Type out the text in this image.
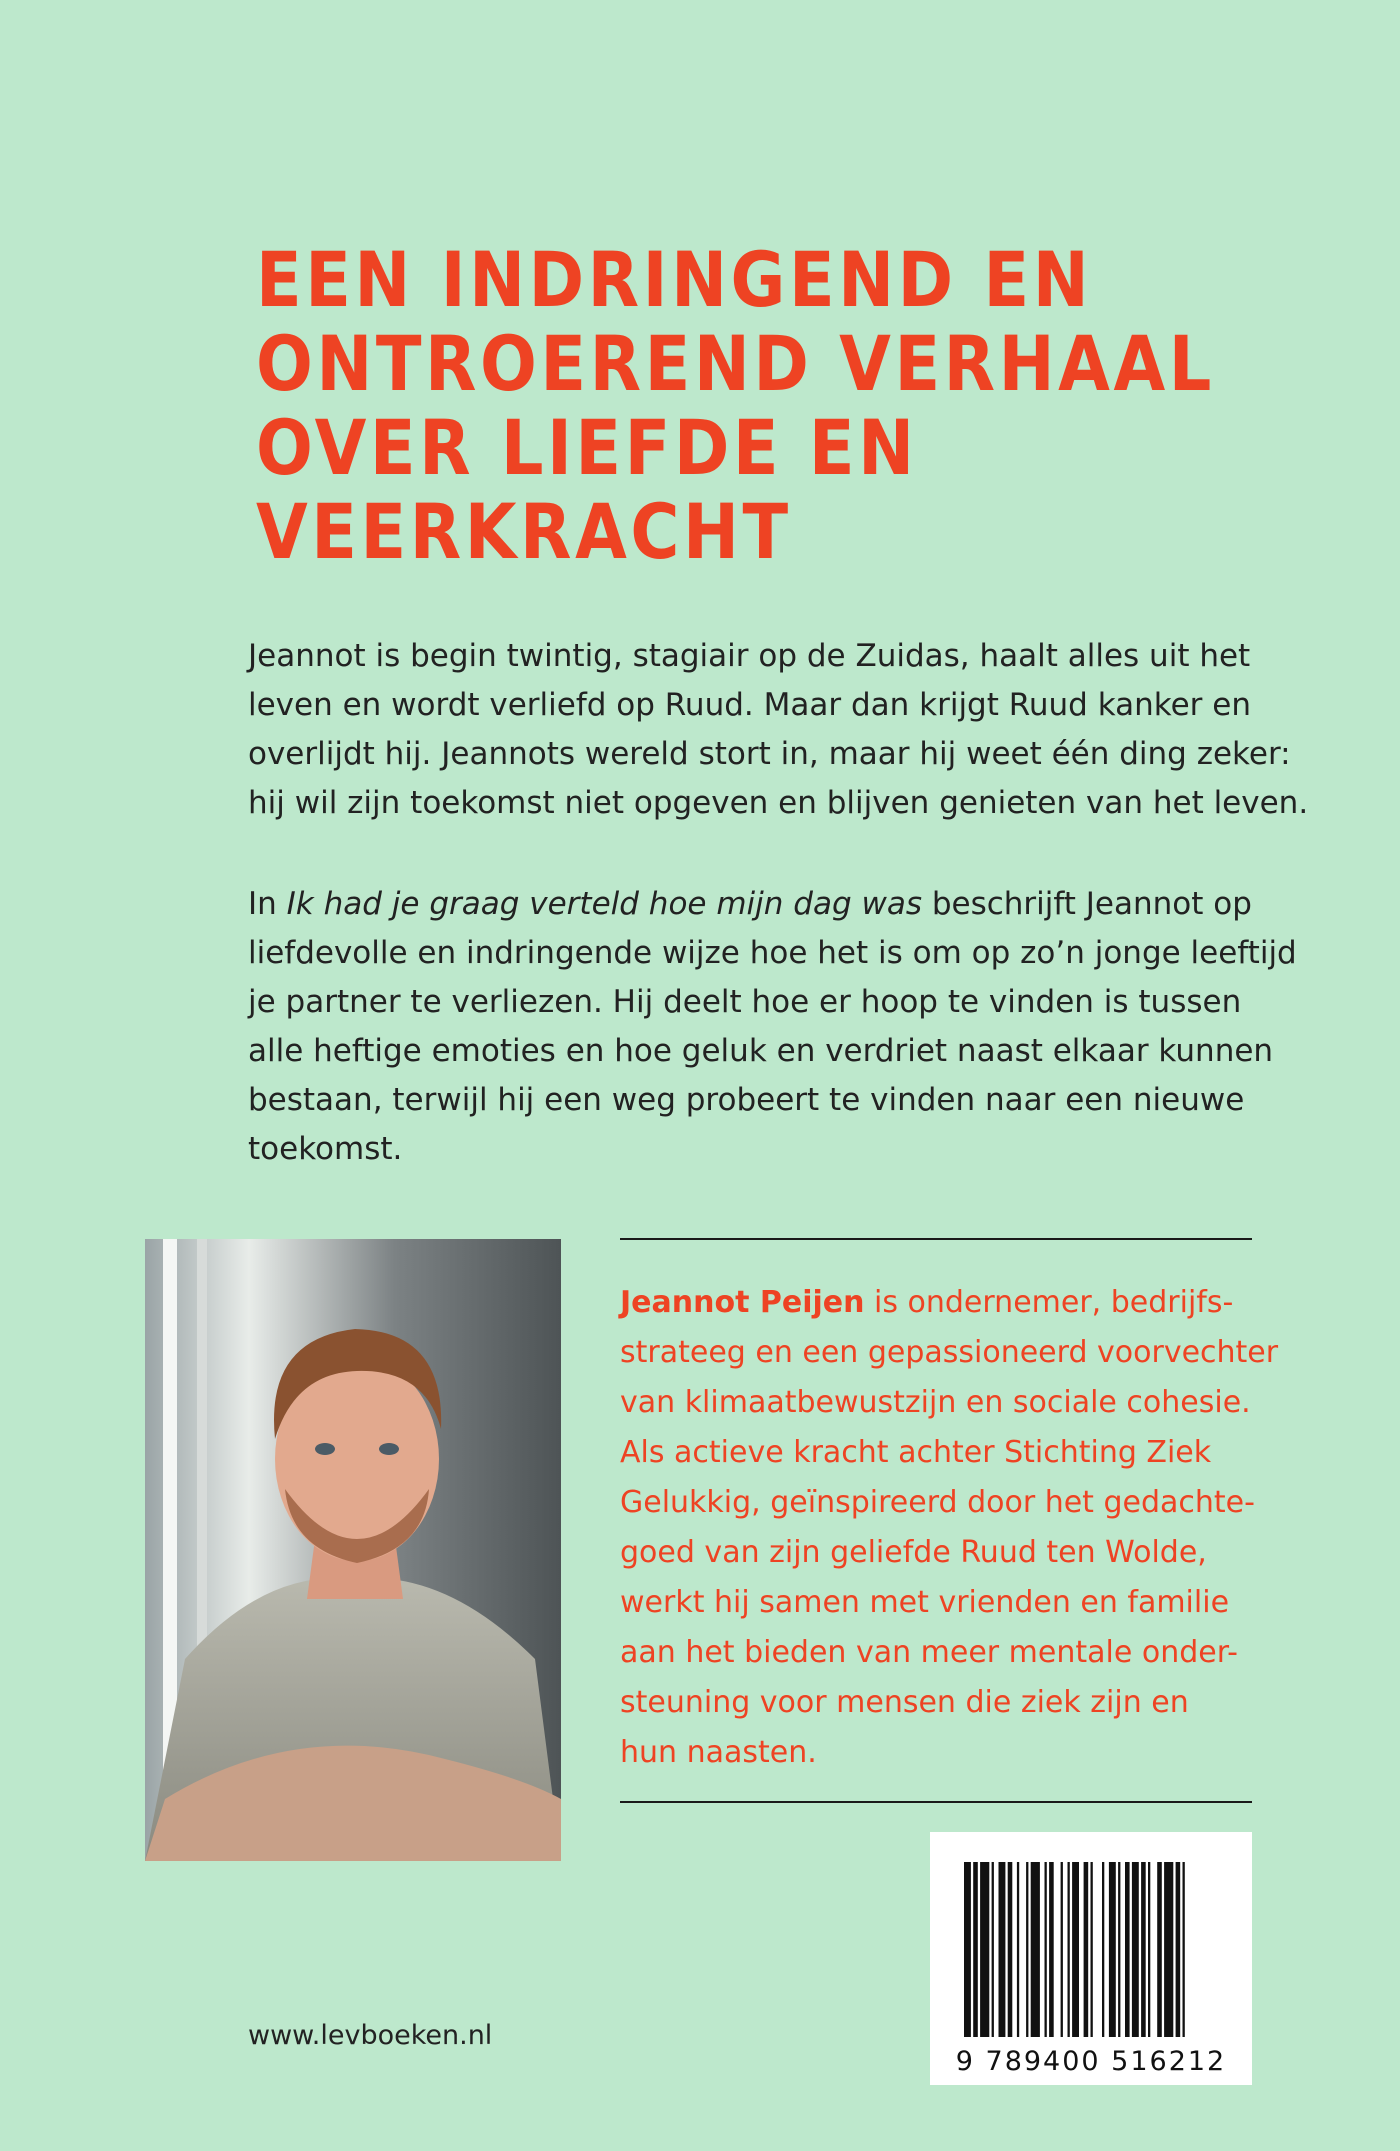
EEN INDRINGEND EN
ONTROEREND VERHAAL
OVER LIEFDE EN
VEERKRACHT
Jeannot is begin twintig, stagiair op de Zuidas, haalt alles uit het
leven en wordt verliefd op Ruud. Maar dan krijgt Ruud kanker en
overlijdt hij. Jeannots wereld stort in, maar hij weet één ding zeker:
hij wil zijn toekomst niet opgeven en blijven genieten van het leven.
In Ik had je graag verteld hoe mijn dag was beschrijft Jeannot op
liefdevolle en indringende wijze hoe het is om op zo’n jonge leeftijd
je partner te verliezen. Hij deelt hoe er hoop te vinden is tussen
alle heftige emoties en hoe geluk en verdriet naast elkaar kunnen
bestaan, terwijl hij een weg probeert te vinden naar een nieuwe
toekomst.
Jeannot Peijen is ondernemer, bedrijfs-
strateeg en een gepassioneerd voorvechter
van klimaatbewustzijn en sociale cohesie.
Als actieve kracht achter Stichting Ziek
Gelukkig, geïnspireerd door het gedachte-
goed van zijn geliefde Ruud ten Wolde,
werkt hij samen met vrienden en familie
aan het bieden van meer mentale onder-
steuning voor mensen die ziek zijn en
hun naasten.
9 789400 516212
www.levboeken.nl
